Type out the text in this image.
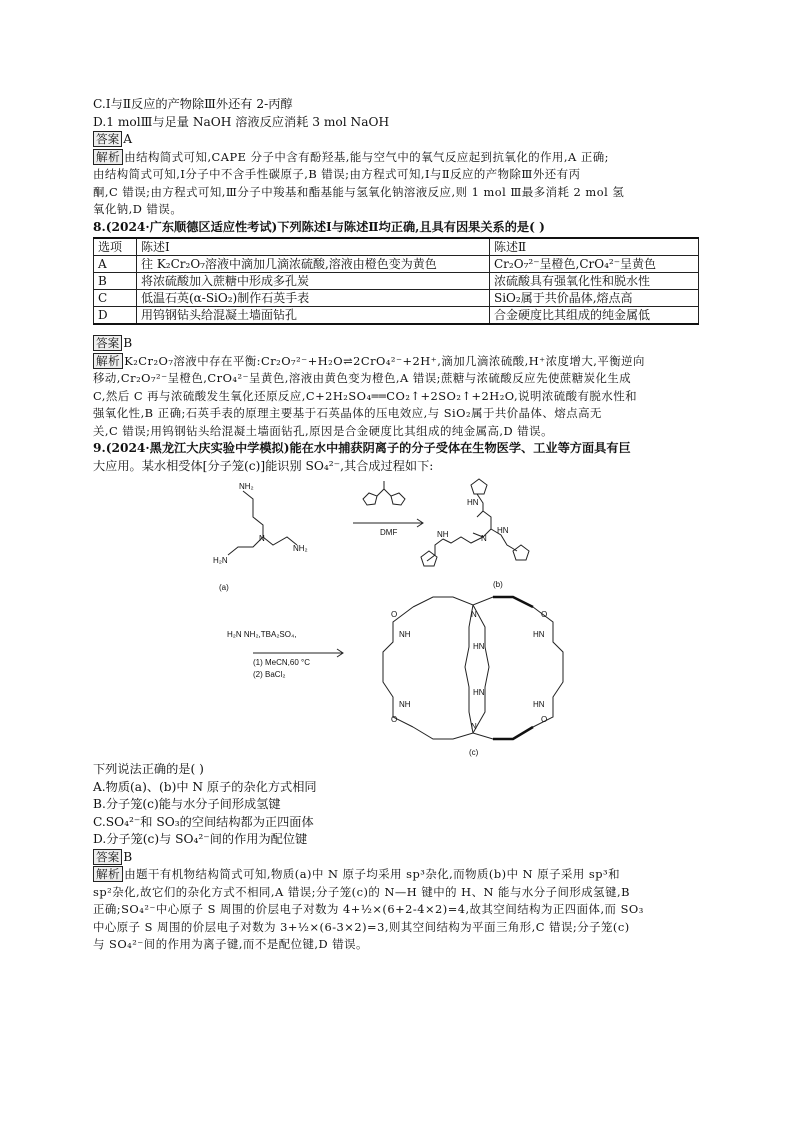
C.Ⅰ与Ⅱ反应的产物除Ⅲ外还有 2-丙醇
D.1 molⅢ与足量 NaOH 溶液反应消耗 3 mol NaOH
答案 A
解析 由结构简式可知,CAPE 分子中含有酚羟基,能与空气中的氧气反应起到抗氧化的作用,A 正确;
由结构简式可知,Ⅰ分子中不含手性碳原子,B 错误;由方程式可知,Ⅰ与Ⅱ反应的产物除Ⅲ外还有丙
酮,C 错误;由方程式可知,Ⅲ分子中羧基和酯基能与氢氧化钠溶液反应,则 1 mol Ⅲ最多消耗 2 mol 氢
氧化钠,D 错误。
8.(2024·广东顺德区适应性考试)下列陈述Ⅰ与陈述Ⅱ均正确,且具有因果关系的是( )
选项	陈述Ⅰ	陈述Ⅱ
A	往 K₂Cr₂O₇溶液中滴加几滴浓硫酸,溶液由橙色变为黄色	Cr₂O₇²⁻呈橙色,CrO₄²⁻呈黄色
B	将浓硫酸加入蔗糖中形成多孔炭	浓硫酸具有强氧化性和脱水性
C	低温石英(α-SiO₂)制作石英手表	SiO₂属于共价晶体,熔点高
D	用钨钢钻头给混凝土墙面钻孔	合金硬度比其组成的纯金属低
答案 B
解析 K₂Cr₂O₇溶液中存在平衡:Cr₂O₇²⁻+H₂O⇌2CrO₄²⁻+2H⁺,滴加几滴浓硫酸,H⁺浓度增大,平衡逆向
移动,Cr₂O₇²⁻呈橙色,CrO₄²⁻呈黄色,溶液由黄色变为橙色,A 错误;蔗糖与浓硫酸反应先使蔗糖炭化生成
C,然后 C 再与浓硫酸发生氧化还原反应,C+2H₂SO₄══CO₂↑+2SO₂↑+2H₂O,说明浓硫酸有脱水性和
强氧化性,B 正确;石英手表的原理主要基于石英晶体的压电效应,与 SiO₂属于共价晶体、熔点高无
关,C 错误;用钨钢钻头给混凝土墙面钻孔,原因是合金硬度比其组成的纯金属高,D 错误。
9.(2024·黑龙江大庆实验中学模拟)能在水中捕获阴离子的分子受体在生物医学、工业等方面具有巨
大应用。某水相受体[分子笼(c)]能识别 SO₄²⁻,其合成过程如下:
NH₂
N
H₂N
NH₂
DMF
N
NH	HN
HN
H₂N NH₂,TBA₂SO₄,
(1) MeCN,60 °C
(2) BaCl₂
O	O
O	O
NH	HN
NH	HN
N
N
HN
HN
(a)	(b)
(c)
下列说法正确的是( )
A.物质(a)、(b)中 N 原子的杂化方式相同
B.分子笼(c)能与水分子间形成氢键
C.SO₄²⁻和 SO₃的空间结构都为正四面体
D.分子笼(c)与 SO₄²⁻间的作用为配位键
答案 B
解析 由题干有机物结构简式可知,物质(a)中 N 原子均采用 sp³杂化,而物质(b)中 N 原子采用 sp³和
sp²杂化,故它们的杂化方式不相同,A 错误;分子笼(c)的 N—H 键中的 H、N 能与水分子间形成氢键,B
正确;SO₄²⁻中心原子 S 周围的价层电子对数为 4+½×(6+2-4×2)=4,故其空间结构为正四面体,而 SO₃
中心原子 S 周围的价层电子对数为 3+½×(6-3×2)=3,则其空间结构为平面三角形,C 错误;分子笼(c)
与 SO₄²⁻间的作用为离子键,而不是配位键,D 错误。
